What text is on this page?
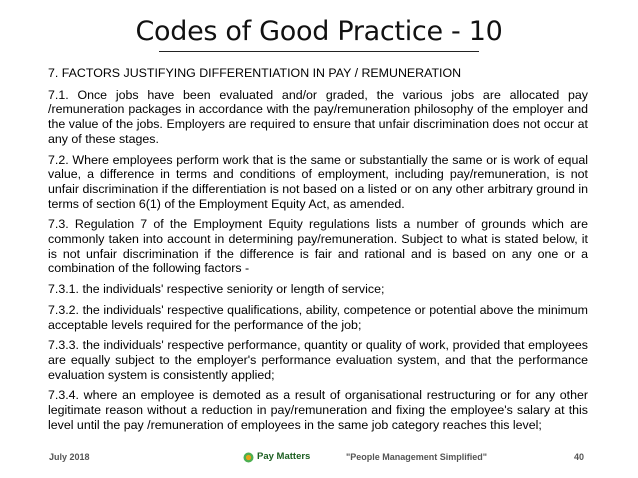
Codes of Good Practice - 10

7. FACTORS JUSTIFYING DIFFERENTIATION IN PAY / REMUNERATION

7.1. Once jobs have been evaluated and/or graded, the various jobs are allocated pay /remuneration packages in accordance with the pay/remuneration philosophy of the employer and the value of the jobs. Employers are required to ensure that unfair discrimination does not occur at any of these stages.

7.2. Where employees perform work that is the same or substantially the same or is work of equal value, a difference in terms and conditions of employment, including pay/remuneration, is not unfair discrimination if the differentiation is not based on a listed or on any other arbitrary ground in terms of section 6(1) of the Employment Equity Act, as amended.

7.3. Regulation 7 of the Employment Equity regulations lists a number of grounds which are commonly taken into account in determining pay/remuneration. Subject to what is stated below, it is not unfair discrimination if the difference is fair and rational and is based on any one or a combination of the following factors -

7.3.1. the individuals' respective seniority or length of service;

7.3.2. the individuals' respective qualifications, ability, competence or potential above the minimum acceptable levels required for the performance of the job;

7.3.3. the individuals' respective performance, quantity or quality of work, provided that employees are equally subject to the employer's performance evaluation system, and that the performance evaluation system is consistently applied;

7.3.4. where an employee is demoted as a result of organisational restructuring or for any other legitimate reason without a reduction in pay/remuneration and fixing the employee's salary at this level until the pay /remuneration of employees in the same job category reaches this level;

July 2018	Pay Matters	"People Management Simplified"	40
